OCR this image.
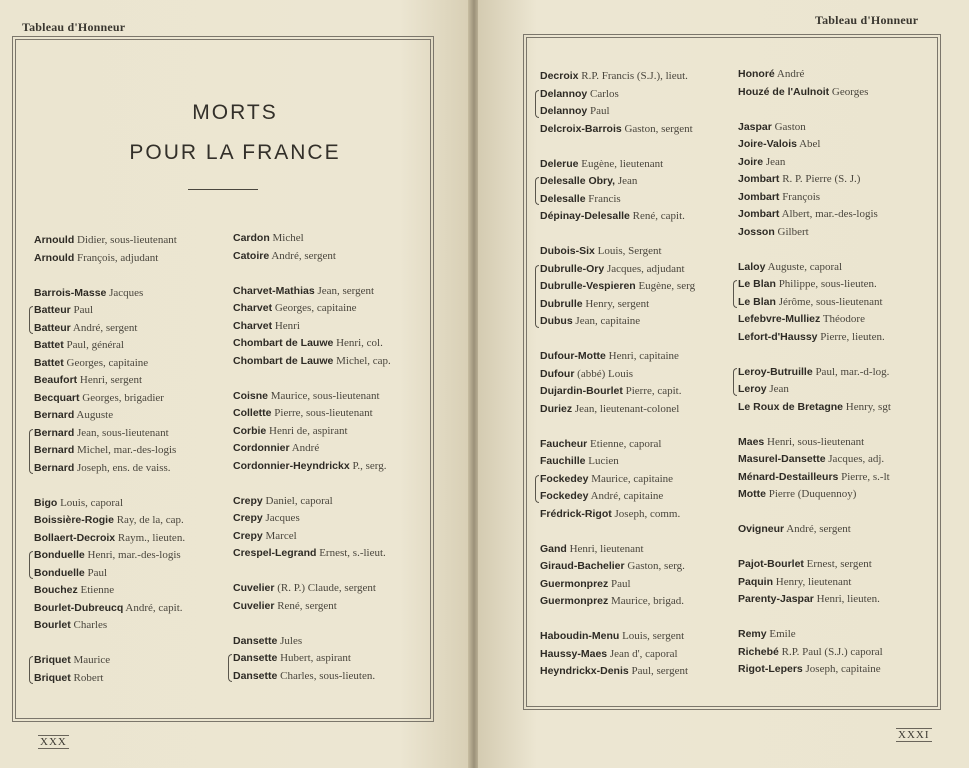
Tableau d'Honneur
MORTS
POUR LA FRANCE
Arnould Didier, sous-lieutenant
Arnould François, adjudant
Barrois-Masse Jacques
Batteur Paul
Batteur André, sergent
Battet Paul, général
Battet Georges, capitaine
Beaufort Henri, sergent
Becquart Georges, brigadier
Bernard Auguste
Bernard Jean, sous-lieutenant
Bernard Michel, mar.-des-logis
Bernard Joseph, ens. de vaiss.
Bigo Louis, caporal
Boissière-Rogie Ray, de la, cap.
Bollaert-Decroix Raym., lieuten.
Bonduelle Henri, mar.-des-logis
Bonduelle Paul
Bouchez Etienne
Bourlet-Dubreucq André, capit.
Bourlet Charles
Briquet Maurice
Briquet Robert
Cardon Michel
Catoire André, sergent
Charvet-Mathias Jean, sergent
Charvet Georges, capitaine
Charvet Henri
Chombart de Lauwe Henri, col.
Chombart de Lauwe Michel, cap.
Coisne Maurice, sous-lieutenant
Collette Pierre, sous-lieutenant
Corbie Henri de, aspirant
Cordonnier André
Cordonnier-Heyndrickx P., serg.
Crepy Daniel, caporal
Crepy Jacques
Crepy Marcel
Crespel-Legrand Ernest, s.-lieut.
Cuvelier (R. P.) Claude, sergent
Cuvelier René, sergent
Dansette Jules
Dansette Hubert, aspirant
Dansette Charles, sous-lieuten.
XXX
Tableau d'Honneur
Decroix R.P. Francis (S.J.), lieut.
Delannoy Carlos
Delannoy Paul
Delcroix-Barrois Gaston, sergent
Delerue Eugène, lieutenant
Delesalle Obry, Jean
Delesalle Francis
Dépinay-Delesalle René, capit.
Dubois-Six Louis, Sergent
Dubrulle-Ory Jacques, adjudant
Dubrulle-Vespieren Eugène, serg
Dubrulle Henry, sergent
Dubus Jean, capitaine
Dufour-Motte Henri, capitaine
Dufour (abbé) Louis
Dujardin-Bourlet Pierre, capit.
Duriez Jean, lieutenant-colonel
Faucheur Etienne, caporal
Fauchille Lucien
Fockedey Maurice, capitaine
Fockedey André, capitaine
Frédrick-Rigot Joseph, comm.
Gand Henri, lieutenant
Giraud-Bachelier Gaston, serg.
Guermonprez Paul
Guermonprez Maurice, brigad.
Haboudin-Menu Louis, sergent
Haussy-Maes Jean d', caporal
Heyndrickx-Denis Paul, sergent
Honoré André
Houzé de l'Aulnoit Georges
Jaspar Gaston
Joire-Valois Abel
Joire Jean
Jombart R. P. Pierre (S. J.)
Jombart François
Jombart Albert, mar.-des-logis
Josson Gilbert
Laloy Auguste, caporal
Le Blan Philippe, sous-lieuten.
Le Blan Jérôme, sous-lieutenant
Lefebvre-Mulliez Théodore
Lefort-d'Haussy Pierre, lieuten.
Leroy-Butruille Paul, mar.-d-log.
Leroy Jean
Le Roux de Bretagne Henry, sgt
Maes Henri, sous-lieutenant
Masurel-Dansette Jacques, adj.
Ménard-Destailleurs Pierre, s.-lt
Motte Pierre (Duquennoy)
Ovigneur André, sergent
Pajot-Bourlet Ernest, sergent
Paquin Henry, lieutenant
Parenty-Jaspar Henri, lieuten.
Remy Emile
Richebé R.P. Paul (S.J.) caporal
Rigot-Lepers Joseph, capitaine
XXXI
